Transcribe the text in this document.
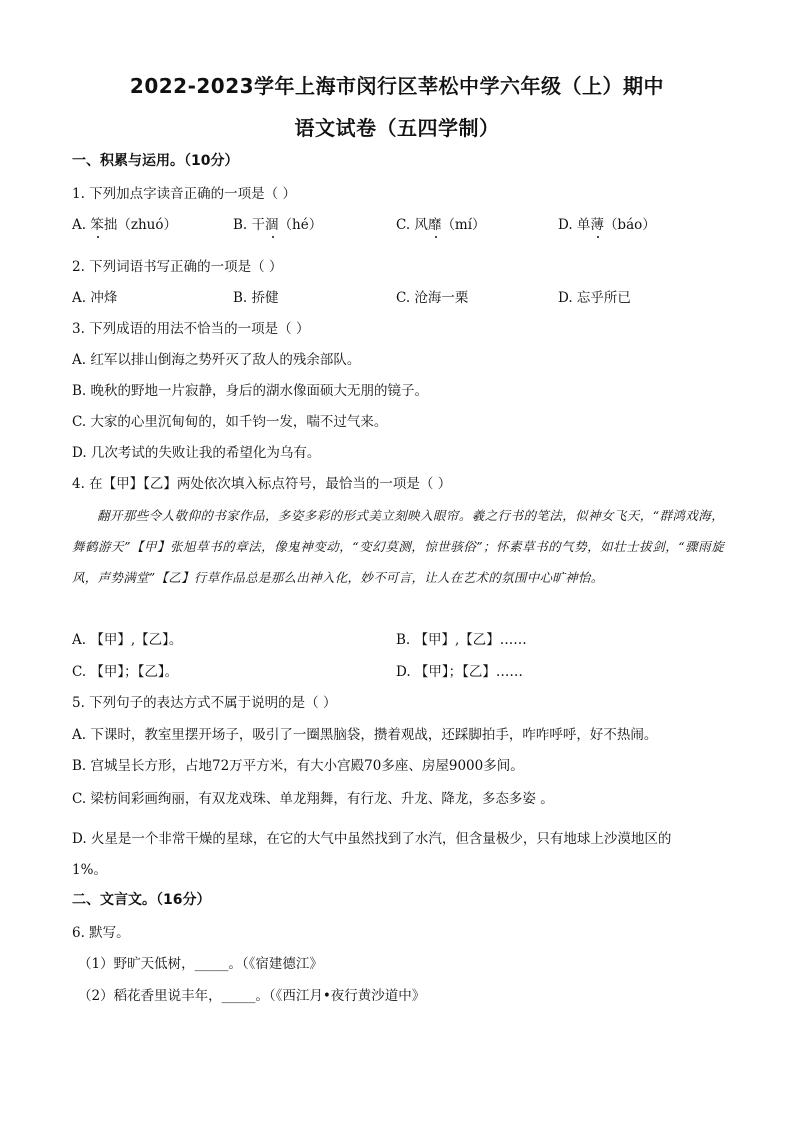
2022-2023学年上海市闵行区莘松中学六年级（上）期中
语文试卷（五四学制）
一、积累与运用。（10分）
1. 下列加点字读音正确的一项是（ ）
A. 笨拙（zhuó）	B. 干涸（hé）	C. 风靡（mí）	D. 单薄（báo）
2. 下列词语书写正确的一项是（ ）
A. 冲烽	B. 挢健	C. 沧海一栗	D. 忘乎所已
3. 下列成语的用法不恰当的一项是（ ）
A. 红军以排山倒海之势歼灭了敌人的残余部队。
B. 晚秋的野地一片寂静，身后的湖水像面硕大无朋的镜子。
C. 大家的心里沉甸甸的，如千钧一发，喘不过气来。
D. 几次考试的失败让我的希望化为乌有。
4. 在【甲】【乙】两处依次填入标点符号，最恰当的一项是（ ）

翻开那些令人敬仰的书家作品，多姿多彩的形式美立刻映入眼帘。羲之行书的笔法，似神女飞天，“群鸿戏海，舞鹤游天”【甲】张旭草书的章法，像鬼神变动，“变幻莫测，惊世骇俗”；怀素草书的气势，如壮士拔剑，“骤雨旋风，声势满堂”【乙】行草作品总是那么出神入化，妙不可言，让人在艺术的氛围中心旷神怡。

A. 【甲】,【乙】。	B. 【甲】,【乙】……
C. 【甲】；【乙】。	D. 【甲】；【乙】……
5. 下列句子的表达方式不属于说明的是（ ）
A. 下课时，教室里摆开场子，吸引了一圈黑脑袋，攒着观战，还踩脚拍手，咋咋呼呼，好不热闹。
B. 宫城呈长方形，占地72万平方米，有大小宫殿70多座、房屋9000多间。
C. 梁枋间彩画绚丽，有双龙戏珠、单龙翔舞，有行龙、升龙、降龙，多态多姿 。
D. 火星是一个非常干燥的星球，在它的大气中虽然找到了水汽，但含量极少，只有地球上沙漠地区的
1%。
二、文言文。（16分）
6. 默写。
（1）野旷天低树，_____。（《宿建德江》
（2）稻花香里说丰年，_____。（《西江月•夜行黄沙道中》
